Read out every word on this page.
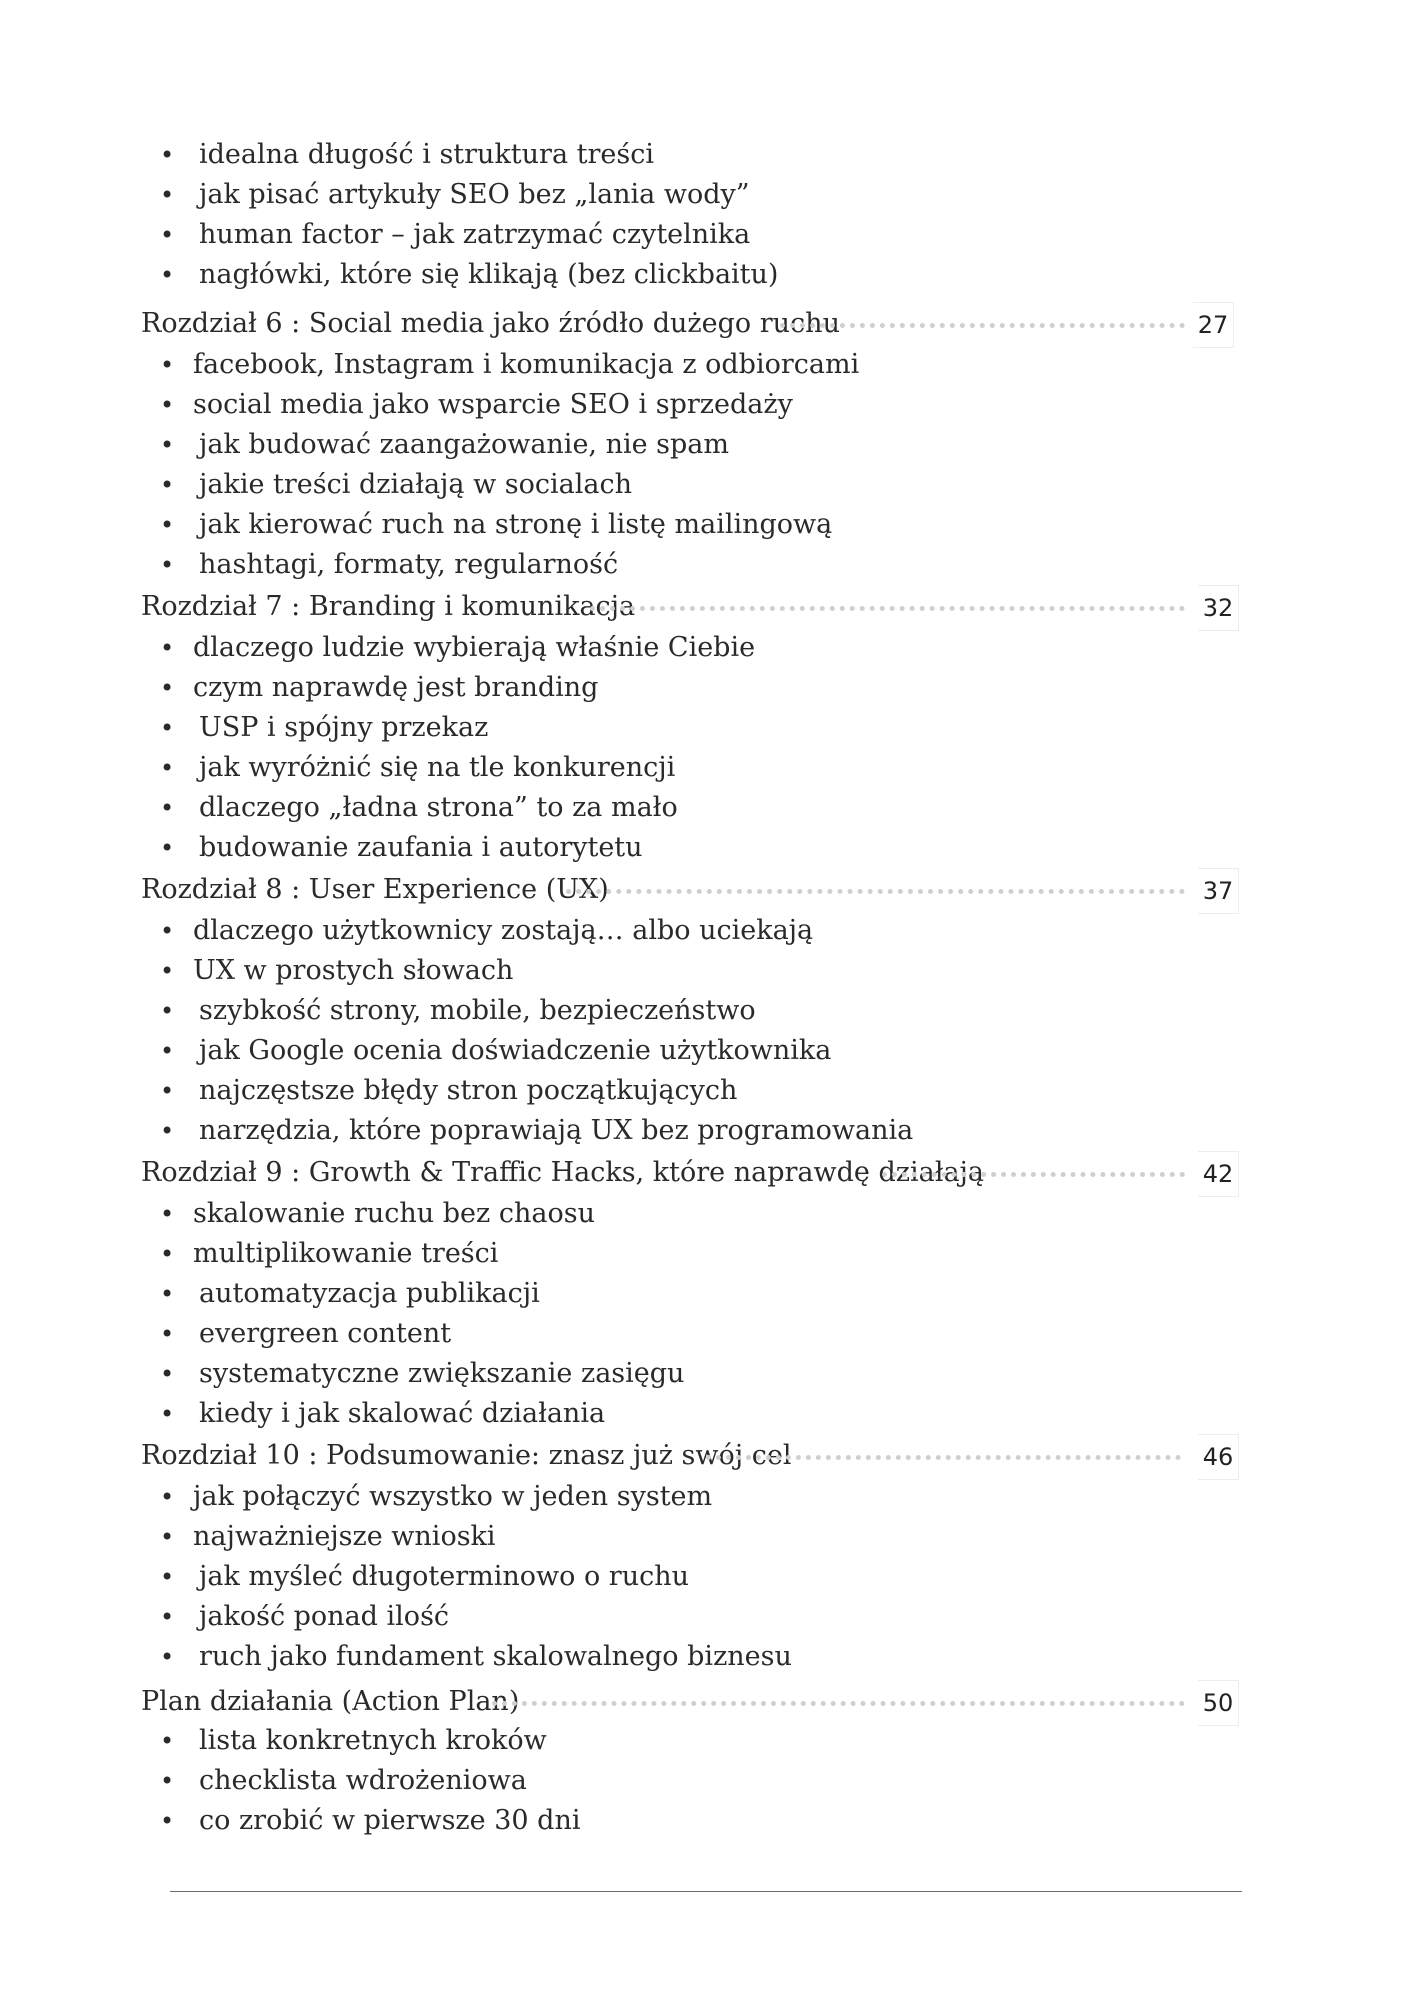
• idealna długość i struktura treści
• jak pisać artykuły SEO bez „lania wody”
• human factor – jak zatrzymać czytelnika
• nagłówki, które się klikają (bez clickbaitu)
Rozdział 6 : Social media jako źródło dużego ruchu	27
• facebook, Instagram i komunikacja z odbiorcami
• social media jako wsparcie SEO i sprzedaży
• jak budować zaangażowanie, nie spam
• jakie treści działają w socialach
• jak kierować ruch na stronę i listę mailingową
• hashtagi, formaty, regularność
Rozdział 7 : Branding i komunikacja	32
• dlaczego ludzie wybierają właśnie Ciebie
• czym naprawdę jest branding
• USP i spójny przekaz
• jak wyróżnić się na tle konkurencji
• dlaczego „ładna strona” to za mało
• budowanie zaufania i autorytetu
Rozdział 8 : User Experience (UX)	37
• dlaczego użytkownicy zostają… albo uciekają
• UX w prostych słowach
• szybkość strony, mobile, bezpieczeństwo
• jak Google ocenia doświadczenie użytkownika
• najczęstsze błędy stron początkujących
• narzędzia, które poprawiają UX bez programowania
Rozdział 9 : Growth & Traffic Hacks, które naprawdę działają	42
• skalowanie ruchu bez chaosu
• multiplikowanie treści
• automatyzacja publikacji
• evergreen content
• systematyczne zwiększanie zasięgu
• kiedy i jak skalować działania
Rozdział 10 : Podsumowanie: znasz już swój cel	46
• jak połączyć wszystko w jeden system
• najważniejsze wnioski
• jak myśleć długoterminowo o ruchu
• jakość ponad ilość
• ruch jako fundament skalowalnego biznesu
Plan działania (Action Plan)	50
• lista konkretnych kroków
• checklista wdrożeniowa
• co zrobić w pierwsze 30 dni
